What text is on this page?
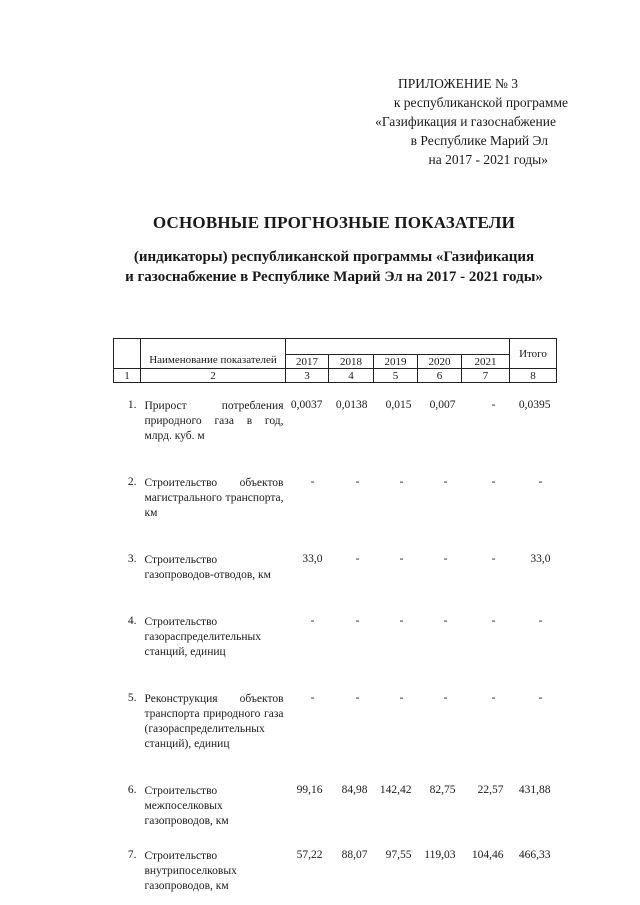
ПРИЛОЖЕНИЕ № 3
к республиканской программе
«Газификация и газоснабжение
в Республике Марий Эл
на 2017 - 2021 годы»
ОСНОВНЫЕ ПРОГНОЗНЫЕ ПОКАЗАТЕЛИ
(индикаторы) республиканской программы «Газификация
и газоснабжение в Республике Марий Эл на 2017 - 2021 годы»
	Наименование показателей						Итого
		2017	2018	2019	2020	2021	
1	2	3	4	5	6	7	8

1.	Прирост потребления природного газа в год, млрд. куб. м	0,0037	0,0138	0,015	0,007	-	0,0395

2.	Строительство объектов магистрального транспорта, км	-	-	-	-	-	-

3.	Строительство газопроводов-отводов, км	33,0	-	-	-	-	33,0

4.	Строительство газораспределительных станций, единиц	-	-	-	-	-	-

5.	Реконструкция объектов транспорта природного газа (газораспределительных станций), единиц	-	-	-	-	-	-

6.	Строительство межпоселковых газопроводов, км	99,16	84,98	142,42	82,75	22,57	431,88

7.	Строительство внутрипоселковых газопроводов, км	57,22	88,07	97,55	119,03	104,46	466,33
